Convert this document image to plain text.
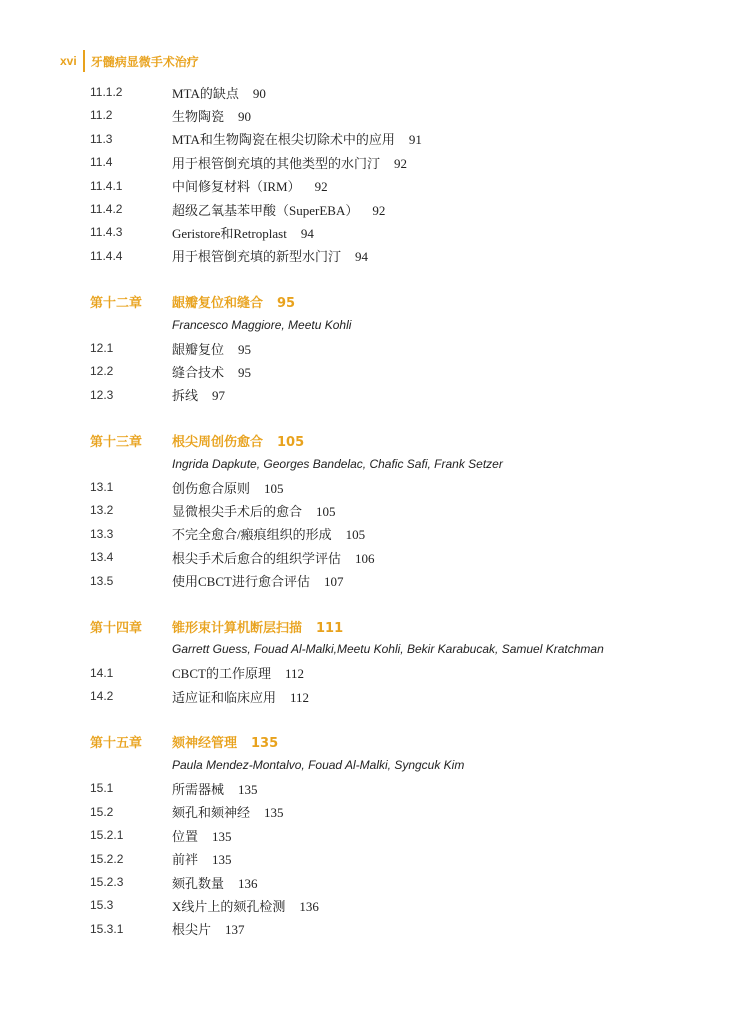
xvi 牙髓病显微手术治疗
11.1.2	MTA的缺点 90
11.2	生物陶瓷 90
11.3	MTA和生物陶瓷在根尖切除术中的应用 91
11.4	用于根管倒充填的其他类型的水门汀 92
11.4.1	中间修复材料（IRM） 92
11.4.2	超级乙氧基苯甲酸（SuperEBA） 92
11.4.3	Geristore和Retroplast 94
11.4.4	用于根管倒充填的新型水门汀 94
第十二章 龈瓣复位和缝合 95
Francesco Maggiore, Meetu Kohli
12.1	龈瓣复位 95
12.2	缝合技术 95
12.3	拆线 97
第十三章 根尖周创伤愈合 105
Ingrida Dapkute, Georges Bandelac, Chafic Safi, Frank Setzer
13.1	创伤愈合原则 105
13.2	显微根尖手术后的愈合 105
13.3	不完全愈合/瘢痕组织的形成 105
13.4	根尖手术后愈合的组织学评估 106
13.5	使用CBCT进行愈合评估 107
第十四章 锥形束计算机断层扫描 111
Garrett Guess, Fouad Al-Malki,Meetu Kohli, Bekir Karabucak, Samuel Kratchman
14.1	CBCT的工作原理 112
14.2	适应证和临床应用 112
第十五章 颏神经管理 135
Paula Mendez-Montalvo, Fouad Al-Malki, Syngcuk Kim
15.1	所需器械 135
15.2	颏孔和颏神经 135
15.2.1	位置 135
15.2.2	前袢 135
15.2.3	颏孔数量 136
15.3	X线片上的颏孔检测 136
15.3.1	根尖片 137
